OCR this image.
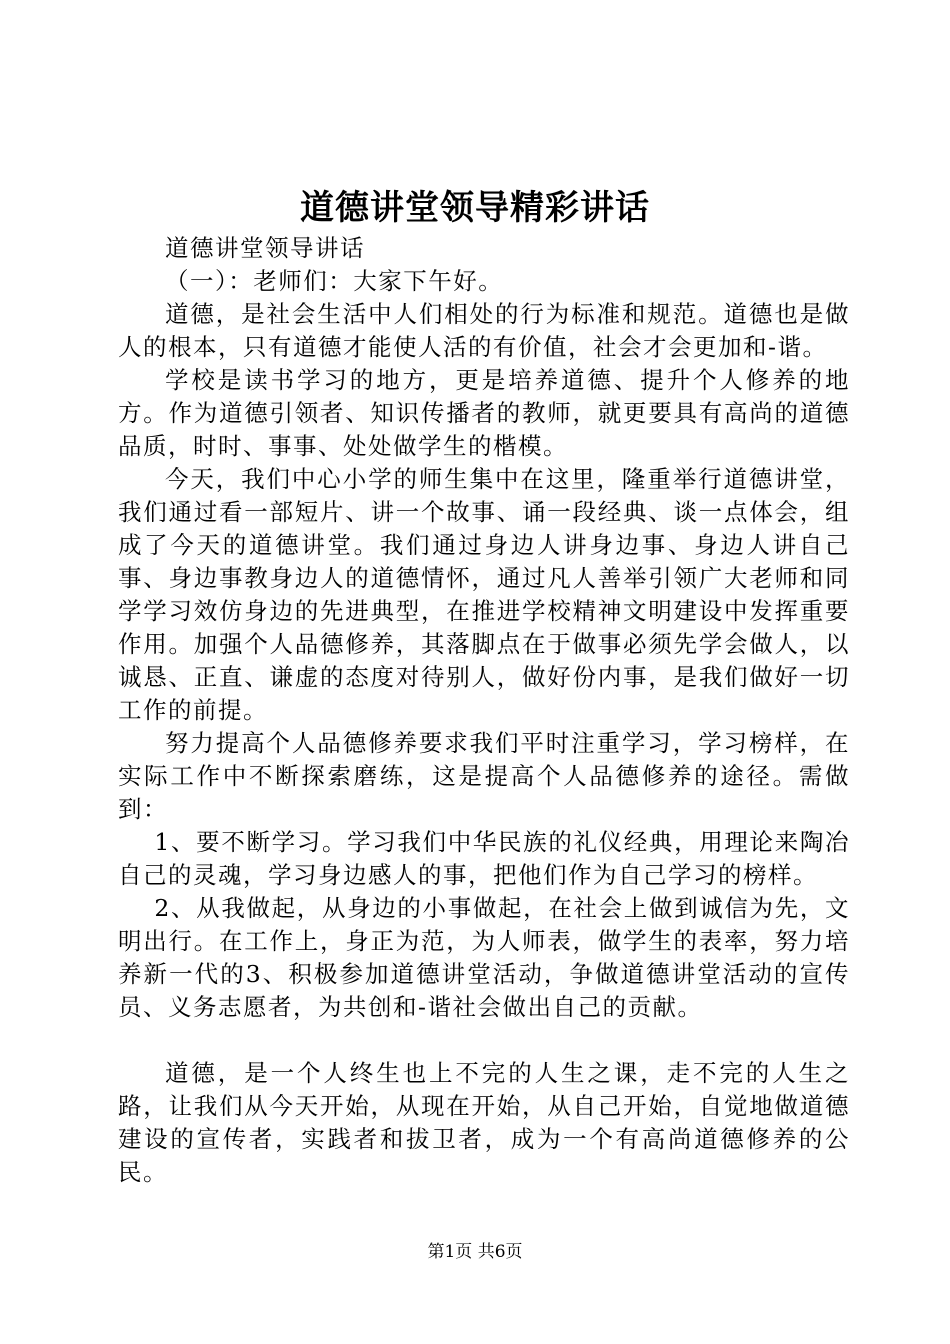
道德讲堂领导精彩讲话

道德讲堂领导讲话

（一）：老师们：大家下午好。

道德，是社会生活中人们相处的行为标准和规范。道德也是做人的根本，只有道德才能使人活的有价值，社会才会更加和-谐。

学校是读书学习的地方，更是培养道德、提升个人修养的地方。作为道德引领者、知识传播者的教师，就更要具有高尚的道德品质，时时、事事、处处做学生的楷模。

今天，我们中心小学的师生集中在这里，隆重举行道德讲堂，我们通过看一部短片、讲一个故事、诵一段经典、谈一点体会，组成了今天的道德讲堂。我们通过身边人讲身边事、身边人讲自己事、身边事教身边人的道德情怀，通过凡人善举引领广大老师和同学学习效仿身边的先进典型，在推进学校精神文明建设中发挥重要作用。加强个人品德修养，其落脚点在于做事必须先学会做人，以诚恳、正直、谦虚的态度对待别人，做好份内事，是我们做好一切工作的前提。

努力提高个人品德修养要求我们平时注重学习，学习榜样，在实际工作中不断探索磨练，这是提高个人品德修养的途径。需做到：

1、要不断学习。学习我们中华民族的礼仪经典，用理论来陶冶自己的灵魂，学习身边感人的事，把他们作为自己学习的榜样。

2、从我做起，从身边的小事做起，在社会上做到诚信为先，文明出行。在工作上，身正为范，为人师表，做学生的表率，努力培养新一代的3、积极参加道德讲堂活动，争做道德讲堂活动的宣传员、义务志愿者，为共创和-谐社会做出自己的贡献。

道德，是一个人终生也上不完的人生之课，走不完的人生之路，让我们从今天开始，从现在开始，从自己开始，自觉地做道德建设的宣传者，实践者和拔卫者，成为一个有高尚道德修养的公民。

第1页 共6页
